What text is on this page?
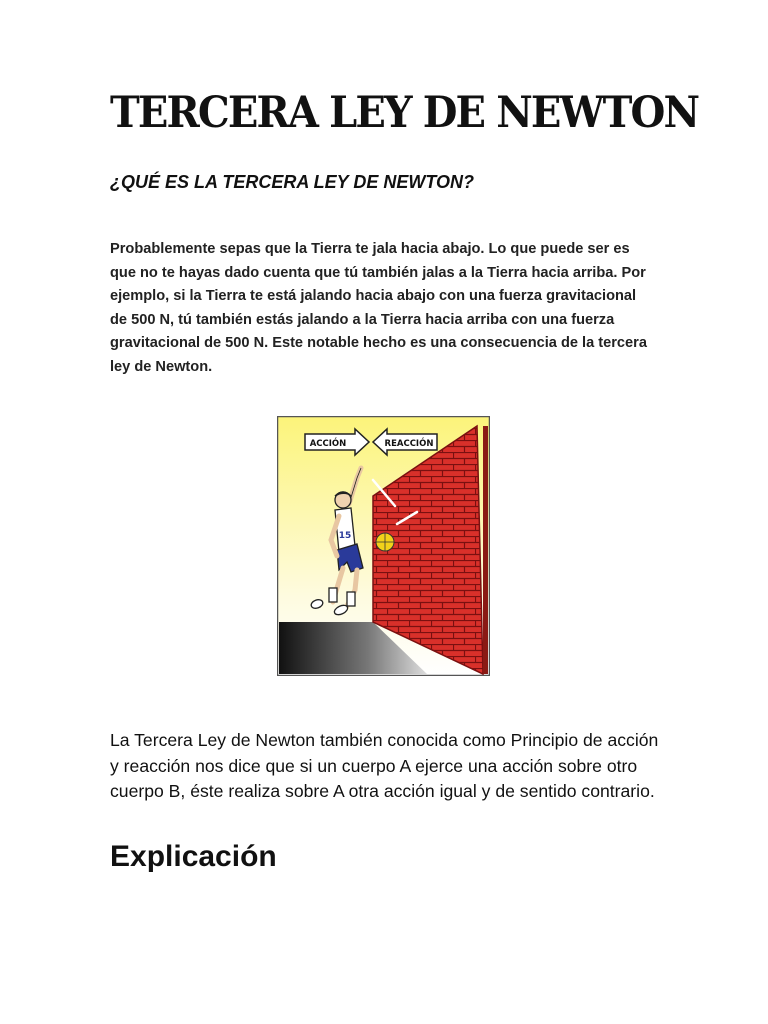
TERCERA LEY DE NEWTON
¿QUÉ ES LA TERCERA LEY DE NEWTON?

Probablemente sepas que la Tierra te jala hacia abajo. Lo que puede ser es que no te hayas dado cuenta que tú también jalas a la Tierra hacia arriba. Por ejemplo, si la Tierra te está jalando hacia abajo con una fuerza gravitacional de 500 N, tú también estás jalando a la Tierra hacia arriba con una fuerza gravitacional de 500 N. Este notable hecho es una consecuencia de la tercera ley de Newton.

ACCIÓN	REACCIÓN
15

La Tercera Ley de Newton también conocida como Principio de acción y reacción nos dice que si un cuerpo A ejerce una acción sobre otro cuerpo B, éste realiza sobre A otra acción igual y de sentido contrario.

Explicación
